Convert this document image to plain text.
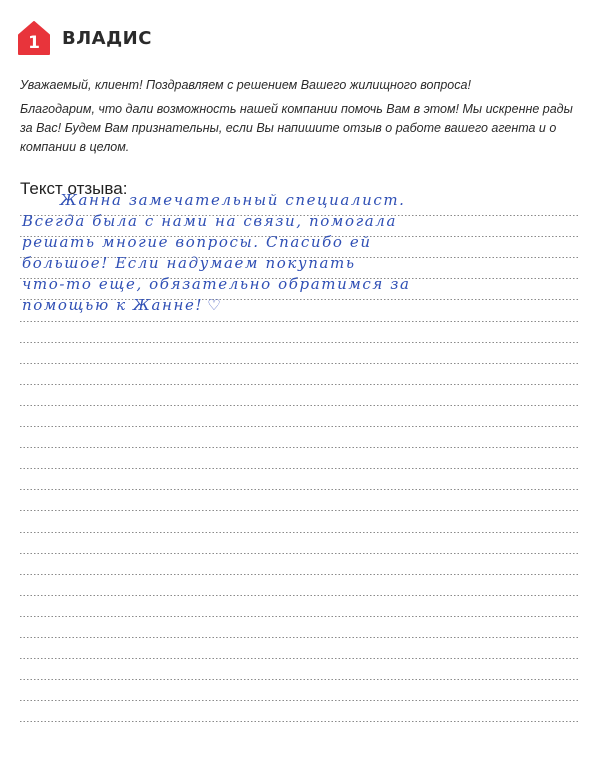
1 ВЛАДИС

Уважаемый, клиент! Поздравляем с решением Вашего жилищного вопроса!

Благодарим, что дали возможность нашей компании помочь Вам в этом! Мы искренне рады за Вас! Будем Вам признательны, если Вы напишите отзыв о работе вашего агента и о компании в целом.

Текст отзыва:
Жанна замечательный специалист.
Всегда была с нами на связи, помогала
решать многие вопросы. Спасибо ей
большое! Если надумаем покупать
что-то еще, обязательно обратимся за
помощью к Жанне! ♡
